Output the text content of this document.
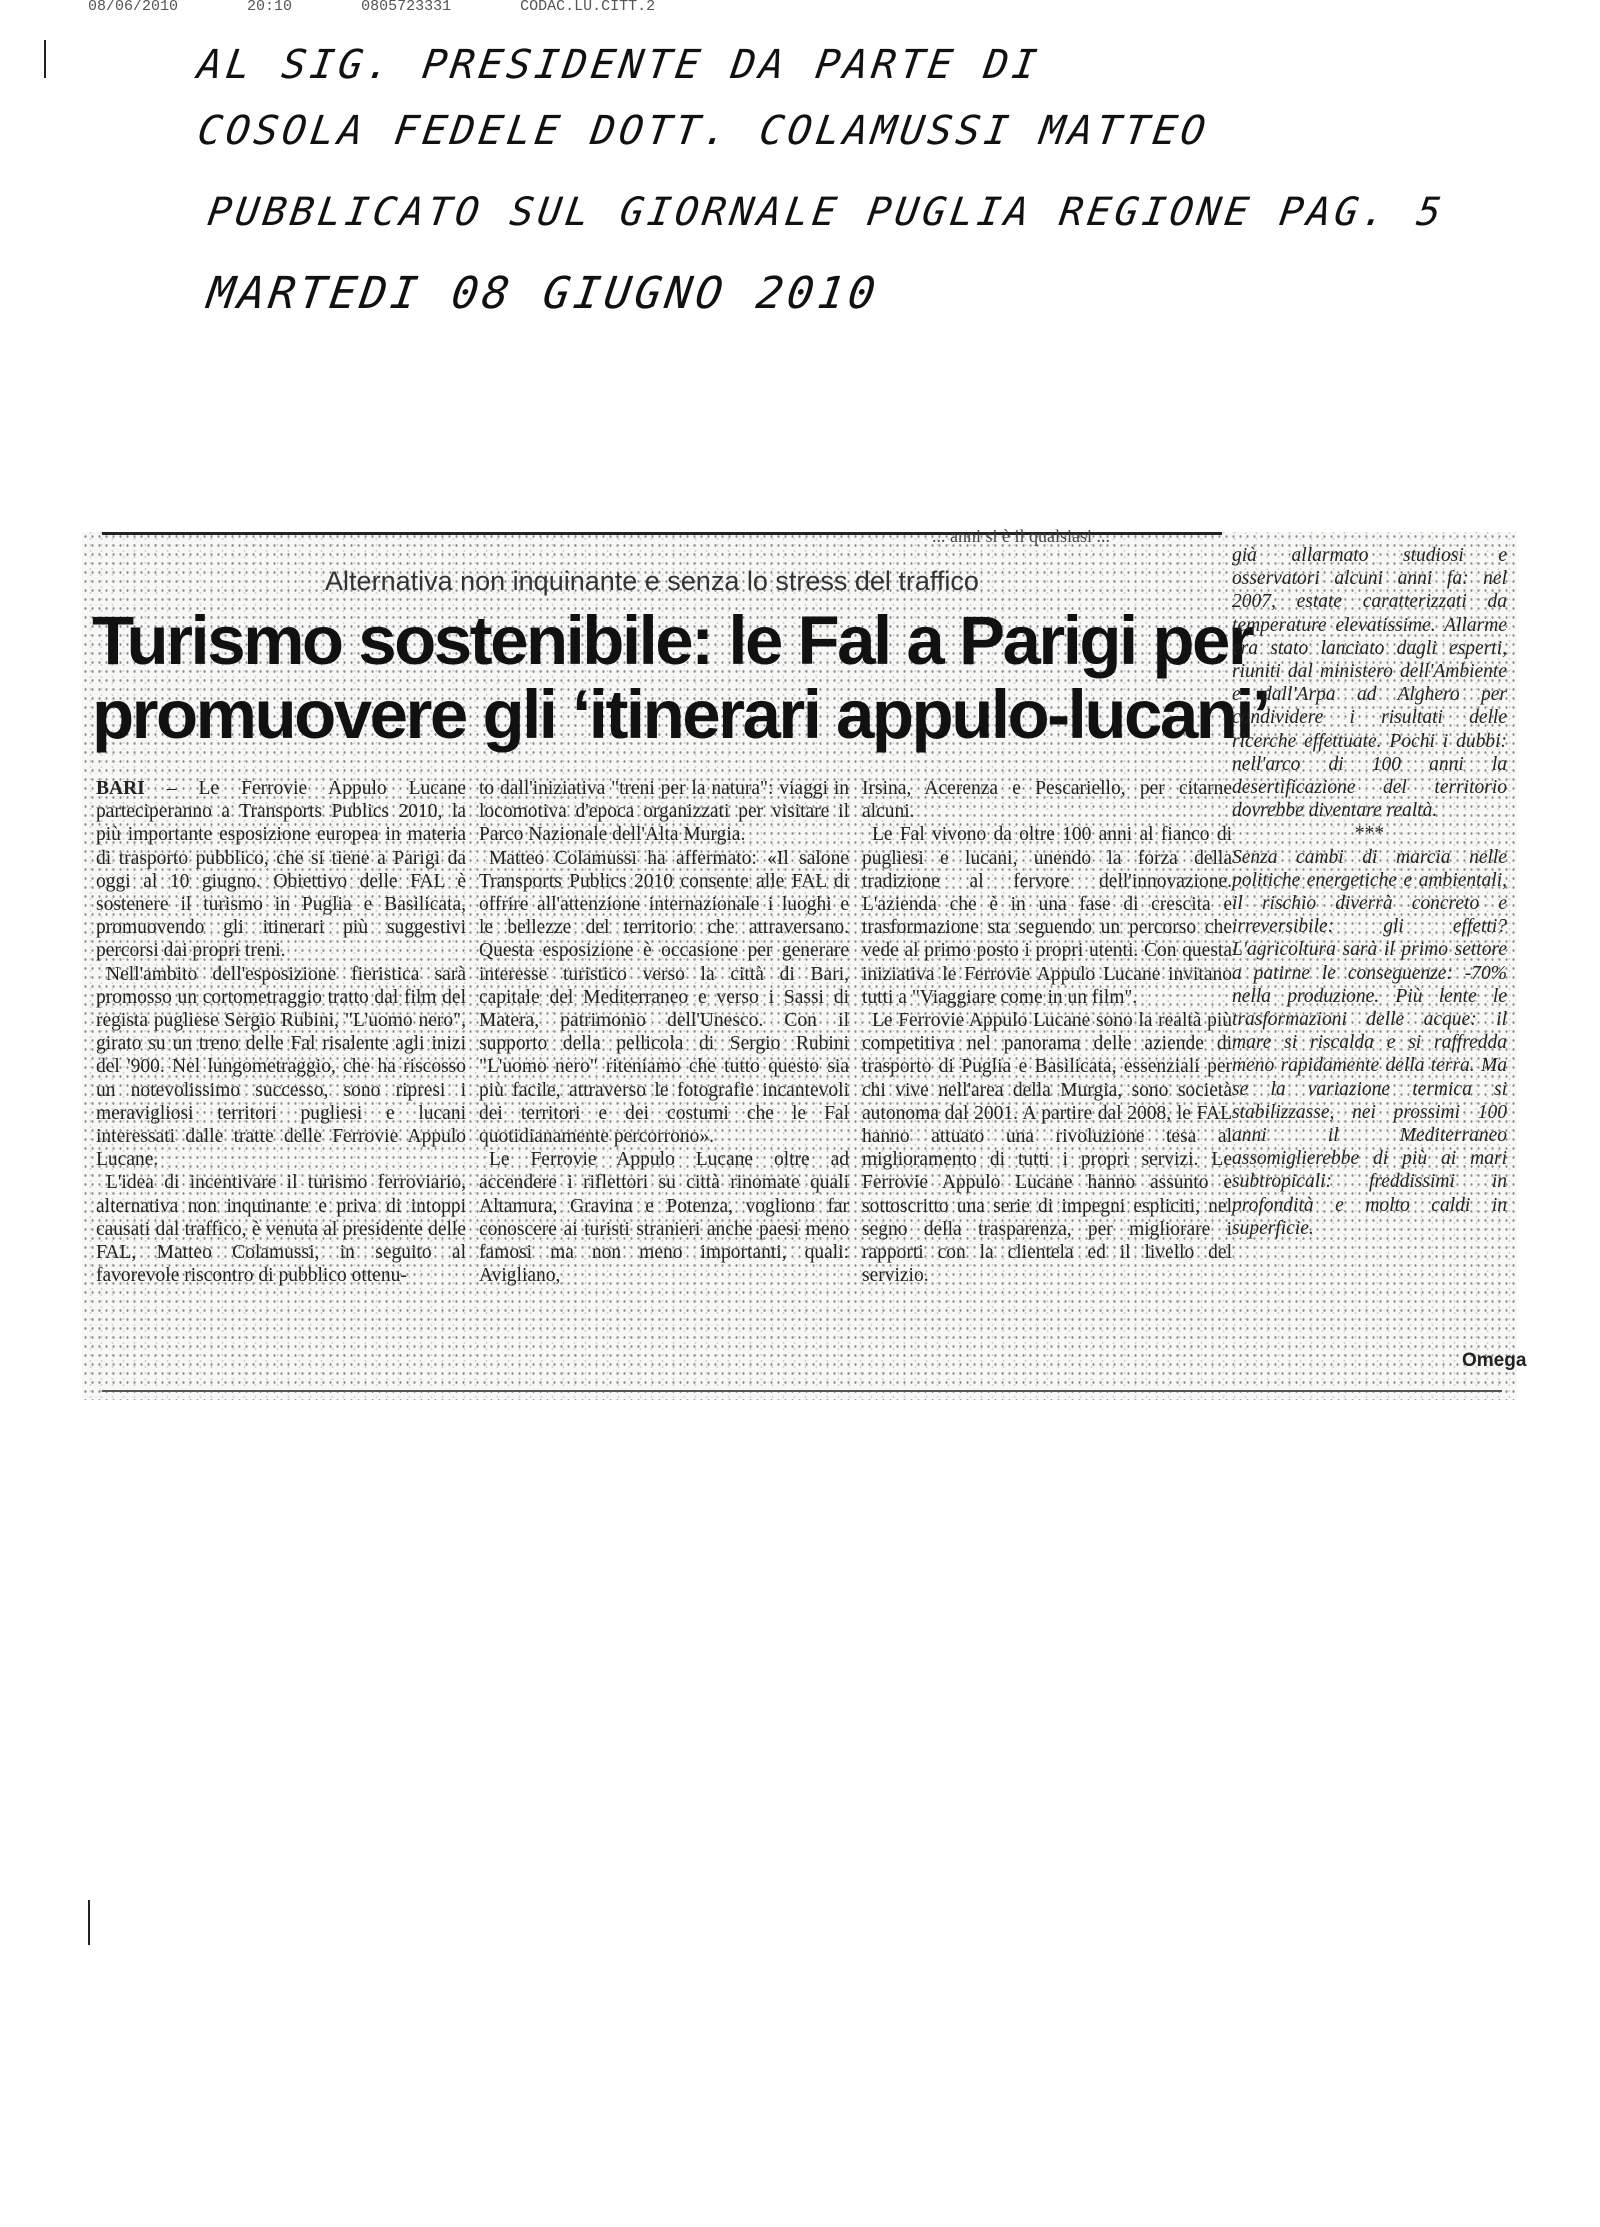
08/06/2010	20:10	0805723331	CODAC.LU.CITT.2
AL SIG. PRESIDENTE DA PARTE DI
COSOLA FEDELE DOTT. COLAMUSSI MATTEO
PUBBLICATO SUL GIORNALE PUGLIA REGIONE PAG. 5
MARTEDI 08 GIUGNO 2010
... anni si è il qualsiasi ...
Alternativa non inquinante e senza lo stress del traffico
Turismo sostenibile: le Fal a Parigi per
promuovere gli ‘itinerari appulo-lucani’

BARI – Le Ferrovie Appulo Lucane parteciperanno a Transports Publics 2010, la più importante esposizione europea in materia di trasporto pubblico, che si tiene a Parigi da oggi al 10 giugno. Obiettivo delle FAL è sostenere il turismo in Puglia e Basilicata, promuovendo gli itinerari più suggestivi percorsi dai propri treni.

Nell'ambito dell'esposizione fieristica sarà promosso un cortometraggio tratto dal film del regista pugliese Sergio Rubini, "L'uomo nero", girato su un treno delle Fal risalente agli inizi del '900. Nel lungometraggio, che ha riscosso un notevolissimo successo, sono ripresi i meravigliosi territori pugliesi e lucani interessati dalle tratte delle Ferrovie Appulo Lucane.

L'idea di incentivare il turismo ferroviario, alternativa non inquinante e priva di intoppi causati dal traffico, è venuta al presidente delle FAL, Matteo Colamussi, in seguito al favorevole riscontro di pubblico ottenu-

to dall'iniziativa "treni per la natura": viaggi in locomotiva d'epoca organizzati per visitare il Parco Nazionale dell'Alta Murgia.

Matteo Colamussi ha affermato: «Il salone Transports Publics 2010 consente alle FAL di offrire all'attenzione internazionale i luoghi e le bellezze del territorio che attraversano. Questa esposizione è occasione per generare interesse turistico verso la città di Bari, capitale del Mediterraneo e verso i Sassi di Matera, patrimonio dell'Unesco. Con il supporto della pellicola di Sergio Rubini "L'uomo nero" riteniamo che tutto questo sia più facile, attraverso le fotografie incantevoli dei territori e dei costumi che le Fal quotidianamente percorrono».

Le Ferrovie Appulo Lucane oltre ad accendere i riflettori su città rinomate quali Altamura, Gravina e Potenza, vogliono far conoscere ai turisti stranieri anche paesi meno famosi ma non meno importanti, quali: Avigliano,

Irsina, Acerenza e Pescariello, per citarne alcuni.

Le Fal vivono da oltre 100 anni al fianco di pugliesi e lucani, unendo la forza della tradizione al fervore dell'innovazione. L'azienda che è in una fase di crescita e trasformazione sta seguendo un percorso che vede al primo posto i propri utenti. Con questa iniziativa le Ferrovie Appulo Lucane invitano tutti a "Viaggiare come in un film".

Le Ferrovie Appulo Lucane sono la realtà più competitiva nel panorama delle aziende di trasporto di Puglia e Basilicata, essenziali per chi vive nell'area della Murgia, sono società autonoma dal 2001. A partire dal 2008, le FAL hanno attuato una rivoluzione tesa al miglioramento di tutti i propri servizi. Le Ferrovie Appulo Lucane hanno assunto e sottoscritto una serie di impegni espliciti, nel segno della trasparenza, per migliorare i rapporti con la clientela ed il livello del servizio.

già allarmato studiosi e osservatori alcuni anni fa: nel 2007, estate caratterizzati da temperature elevatissime. Allarme era stato lanciato dagli esperti, riuniti dal ministero dell'Ambiente e dall'Arpa ad Alghero per condividere i risultati delle ricerche effettuate. Pochi i dubbi: nell'arco di 100 anni la desertificazione del territorio dovrebbe diventare realtà.

***

Senza cambi di marcia nelle politiche energetiche e ambientali, il rischio diverrà concreto e irreversibile: gli effetti? L'agricoltura sarà il primo settore a patirne le conseguenze: -70% nella produzione. Più lente le trasformazioni delle acque: il mare si riscalda e si raffredda meno rapidamente della terra. Ma se la variazione termica si stabilizzasse, nei prossimi 100 anni il Mediterraneo assomiglierebbe di più ai mari subtropicali: freddissimi in profondità e molto caldi in superficie.

Omega
